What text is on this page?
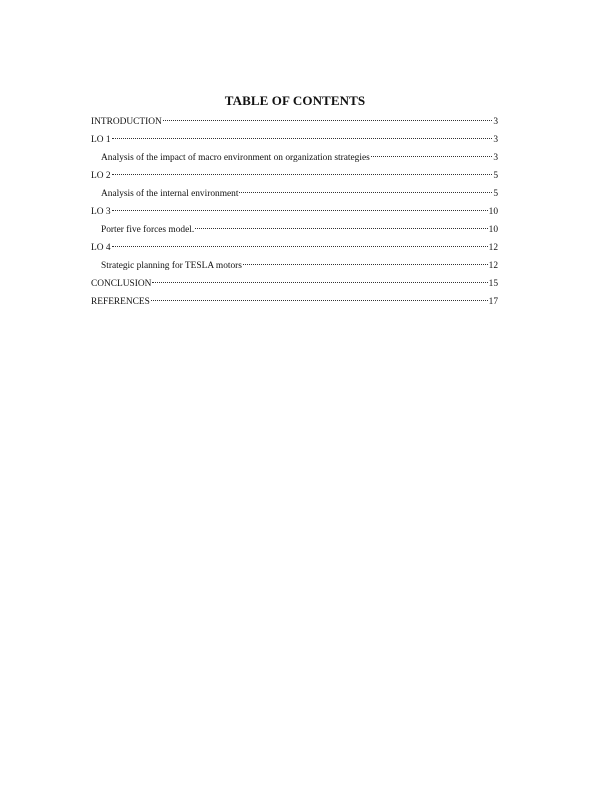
TABLE OF CONTENTS
INTRODUCTION	3
LO 1	3
Analysis of the impact of macro environment on organization strategies	3
LO 2	5
Analysis of the internal environment	5
LO 3	10
Porter five forces model.	10
LO 4	12
Strategic planning for TESLA motors	12
CONCLUSION	15
REFERENCES	17
